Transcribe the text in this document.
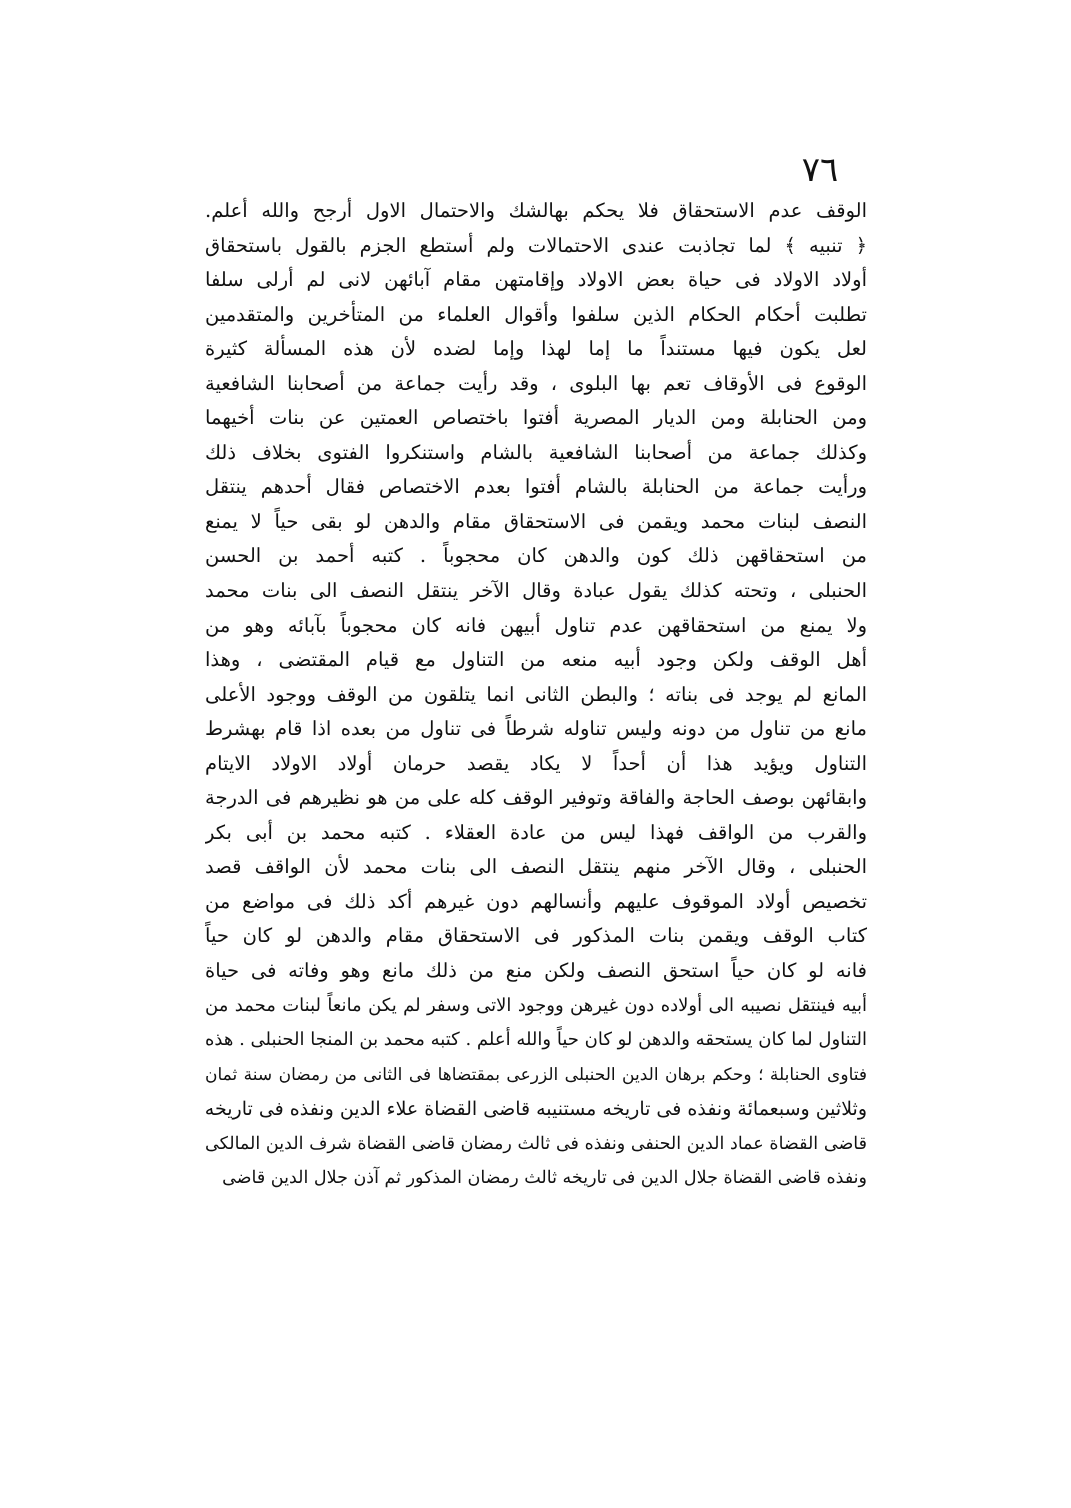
٧٦
الوقف عدم الاستحقاق فلا يحكم بهالشك والاحتمال الاول أرجح والله أعلم.
﴿ تنبيه ﴾ لما تجاذبت عندى الاحتمالات ولم أستطع الجزم بالقول باستحقاق
أولاد الاولاد فى حياة بعض الاولاد وإقامتهن مقام آبائهن لانى لم أرلى سلفا
تطلبت أحكام الحكام الذين سلفوا وأقوال العلماء من المتأخرين والمتقدمين
لعل يكون فيها مستنداً ما إما لهذا وإما لضده لأن هذه المسألة كثيرة
الوقوع فى الأوقاف تعم بها البلوى ، وقد رأيت جماعة من أصحابنا الشافعية
ومن الحنابلة ومن الديار المصرية أفتوا باختصاص العمتين عن بنات أخيهما
وكذلك جماعة من أصحابنا الشافعية بالشام واستنكروا الفتوى بخلاف ذلك
ورأيت جماعة من الحنابلة بالشام أفتوا بعدم الاختصاص فقال أحدهم ينتقل
النصف لبنات محمد ويقمن فى الاستحقاق مقام والدهن لو بقى حياً لا يمنع
من استحقاقهن ذلك كون والدهن كان محجوباً . كتبه أحمد بن الحسن
الحنبلى ، وتحته كذلك يقول عبادة وقال الآخر ينتقل النصف الى بنات محمد
ولا يمنع من استحقاقهن عدم تناول أبيهن فانه كان محجوباً بآبائه وهو من
أهل الوقف ولكن وجود أبيه منعه من التناول مع قيام المقتضى ، وهذا
المانع لم يوجد فى بناته ؛ والبطن الثانى انما يتلقون من الوقف ووجود الأعلى
مانع من تناول من دونه وليس تناوله شرطاً فى تناول من بعده اذا قام بهشرط
التناول ويؤيد هذا أن أحداً لا يكاد يقصد حرمان أولاد الاولاد الايتام
وابقائهن بوصف الحاجة والفاقة وتوفير الوقف كله على من هو نظيرهم فى الدرجة
والقرب من الواقف فهذا ليس من عادة العقلاء . كتبه محمد بن أبى بكر
الحنبلى ، وقال الآخر منهم ينتقل النصف الى بنات محمد لأن الواقف قصد
تخصيص أولاد الموقوف عليهم وأنسالهم دون غيرهم أكد ذلك فى مواضع من
كتاب الوقف ويقمن بنات المذكور فى الاستحقاق مقام والدهن لو كان حياً
فانه لو كان حياً استحق النصف ولكن منع من ذلك مانع وهو وفاته فى حياة
أبيه فينتقل نصيبه الى أولاده دون غيرهن ووجود الاتى وسفر لم يكن مانعاً لبنات محمد من
التناول لما كان يستحقه والدهن لو كان حياً والله أعلم . كتبه محمد بن المنجا الحنبلى . هذه
فتاوى الحنابلة ؛ وحكم برهان الدين الحنبلى الزرعى بمقتضاها فى الثانى من رمضان سنة ثمان
وثلاثين وسبعمائة ونفذه فى تاريخه مستنيبه قاضى القضاة علاء الدين ونفذه فى تاريخه
قاضى القضاة عماد الدين الحنفى ونفذه فى ثالث رمضان قاضى القضاة شرف الدين المالكى
ونفذه قاضى القضاة جلال الدين فى تاريخه ثالث رمضان المذكور ثم آذن جلال الدين قاضى
